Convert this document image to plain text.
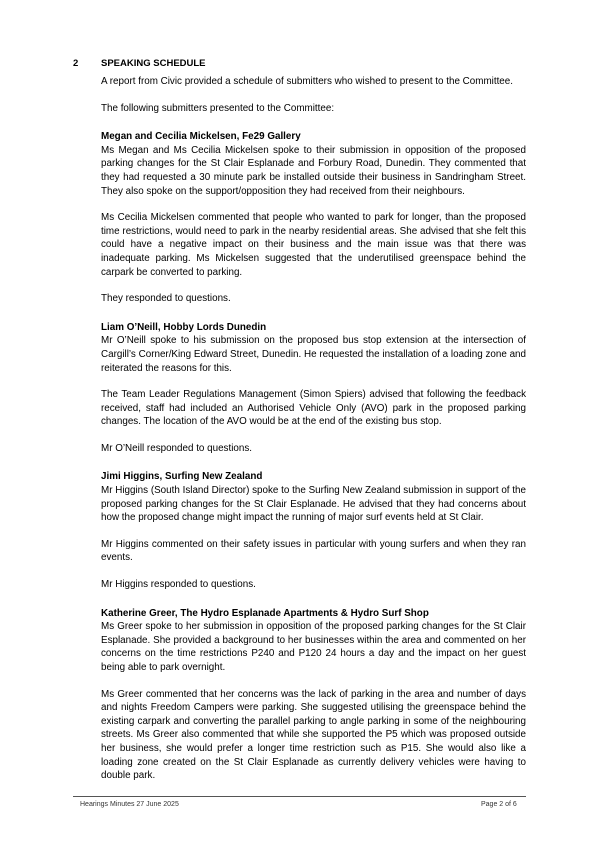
2 SPEAKING SCHEDULE

A report from Civic provided a schedule of submitters who wished to present to the Committee.

The following submitters presented to the Committee:

Megan and Cecilia Mickelsen, Fe29 Gallery

Ms Megan and Ms Cecilia Mickelsen spoke to their submission in opposition of the proposed parking changes for the St Clair Esplanade and Forbury Road, Dunedin. They commented that they had requested a 30 minute park be installed outside their business in Sandringham Street. They also spoke on the support/opposition they had received from their neighbours.

Ms Cecilia Mickelsen commented that people who wanted to park for longer, than the proposed time restrictions, would need to park in the nearby residential areas. She advised that she felt this could have a negative impact on their business and the main issue was that there was inadequate parking. Ms Mickelsen suggested that the underutilised greenspace behind the carpark be converted to parking.

They responded to questions.

Liam O’Neill, Hobby Lords Dunedin

Mr O’Neill spoke to his submission on the proposed bus stop extension at the intersection of Cargill’s Corner/King Edward Street, Dunedin. He requested the installation of a loading zone and reiterated the reasons for this.

The Team Leader Regulations Management (Simon Spiers) advised that following the feedback received, staff had included an Authorised Vehicle Only (AVO) park in the proposed parking changes. The location of the AVO would be at the end of the existing bus stop.

Mr O’Neill responded to questions.

Jimi Higgins, Surfing New Zealand

Mr Higgins (South Island Director) spoke to the Surfing New Zealand submission in support of the proposed parking changes for the St Clair Esplanade. He advised that they had concerns about how the proposed change might impact the running of major surf events held at St Clair.

Mr Higgins commented on their safety issues in particular with young surfers and when they ran events.

Mr Higgins responded to questions.

Katherine Greer, The Hydro Esplanade Apartments & Hydro Surf Shop

Ms Greer spoke to her submission in opposition of the proposed parking changes for the St Clair Esplanade. She provided a background to her businesses within the area and commented on her concerns on the time restrictions P240 and P120 24 hours a day and the impact on her guest being able to park overnight.

Ms Greer commented that her concerns was the lack of parking in the area and number of days and nights Freedom Campers were parking. She suggested utilising the greenspace behind the existing carpark and converting the parallel parking to angle parking in some of the neighbouring streets. Ms Greer also commented that while she supported the P5 which was proposed outside her business, she would prefer a longer time restriction such as P15. She would also like a loading zone created on the St Clair Esplanade as currently delivery vehicles were having to double park.

Hearings Minutes 27 June 2025	Page 2 of 6
